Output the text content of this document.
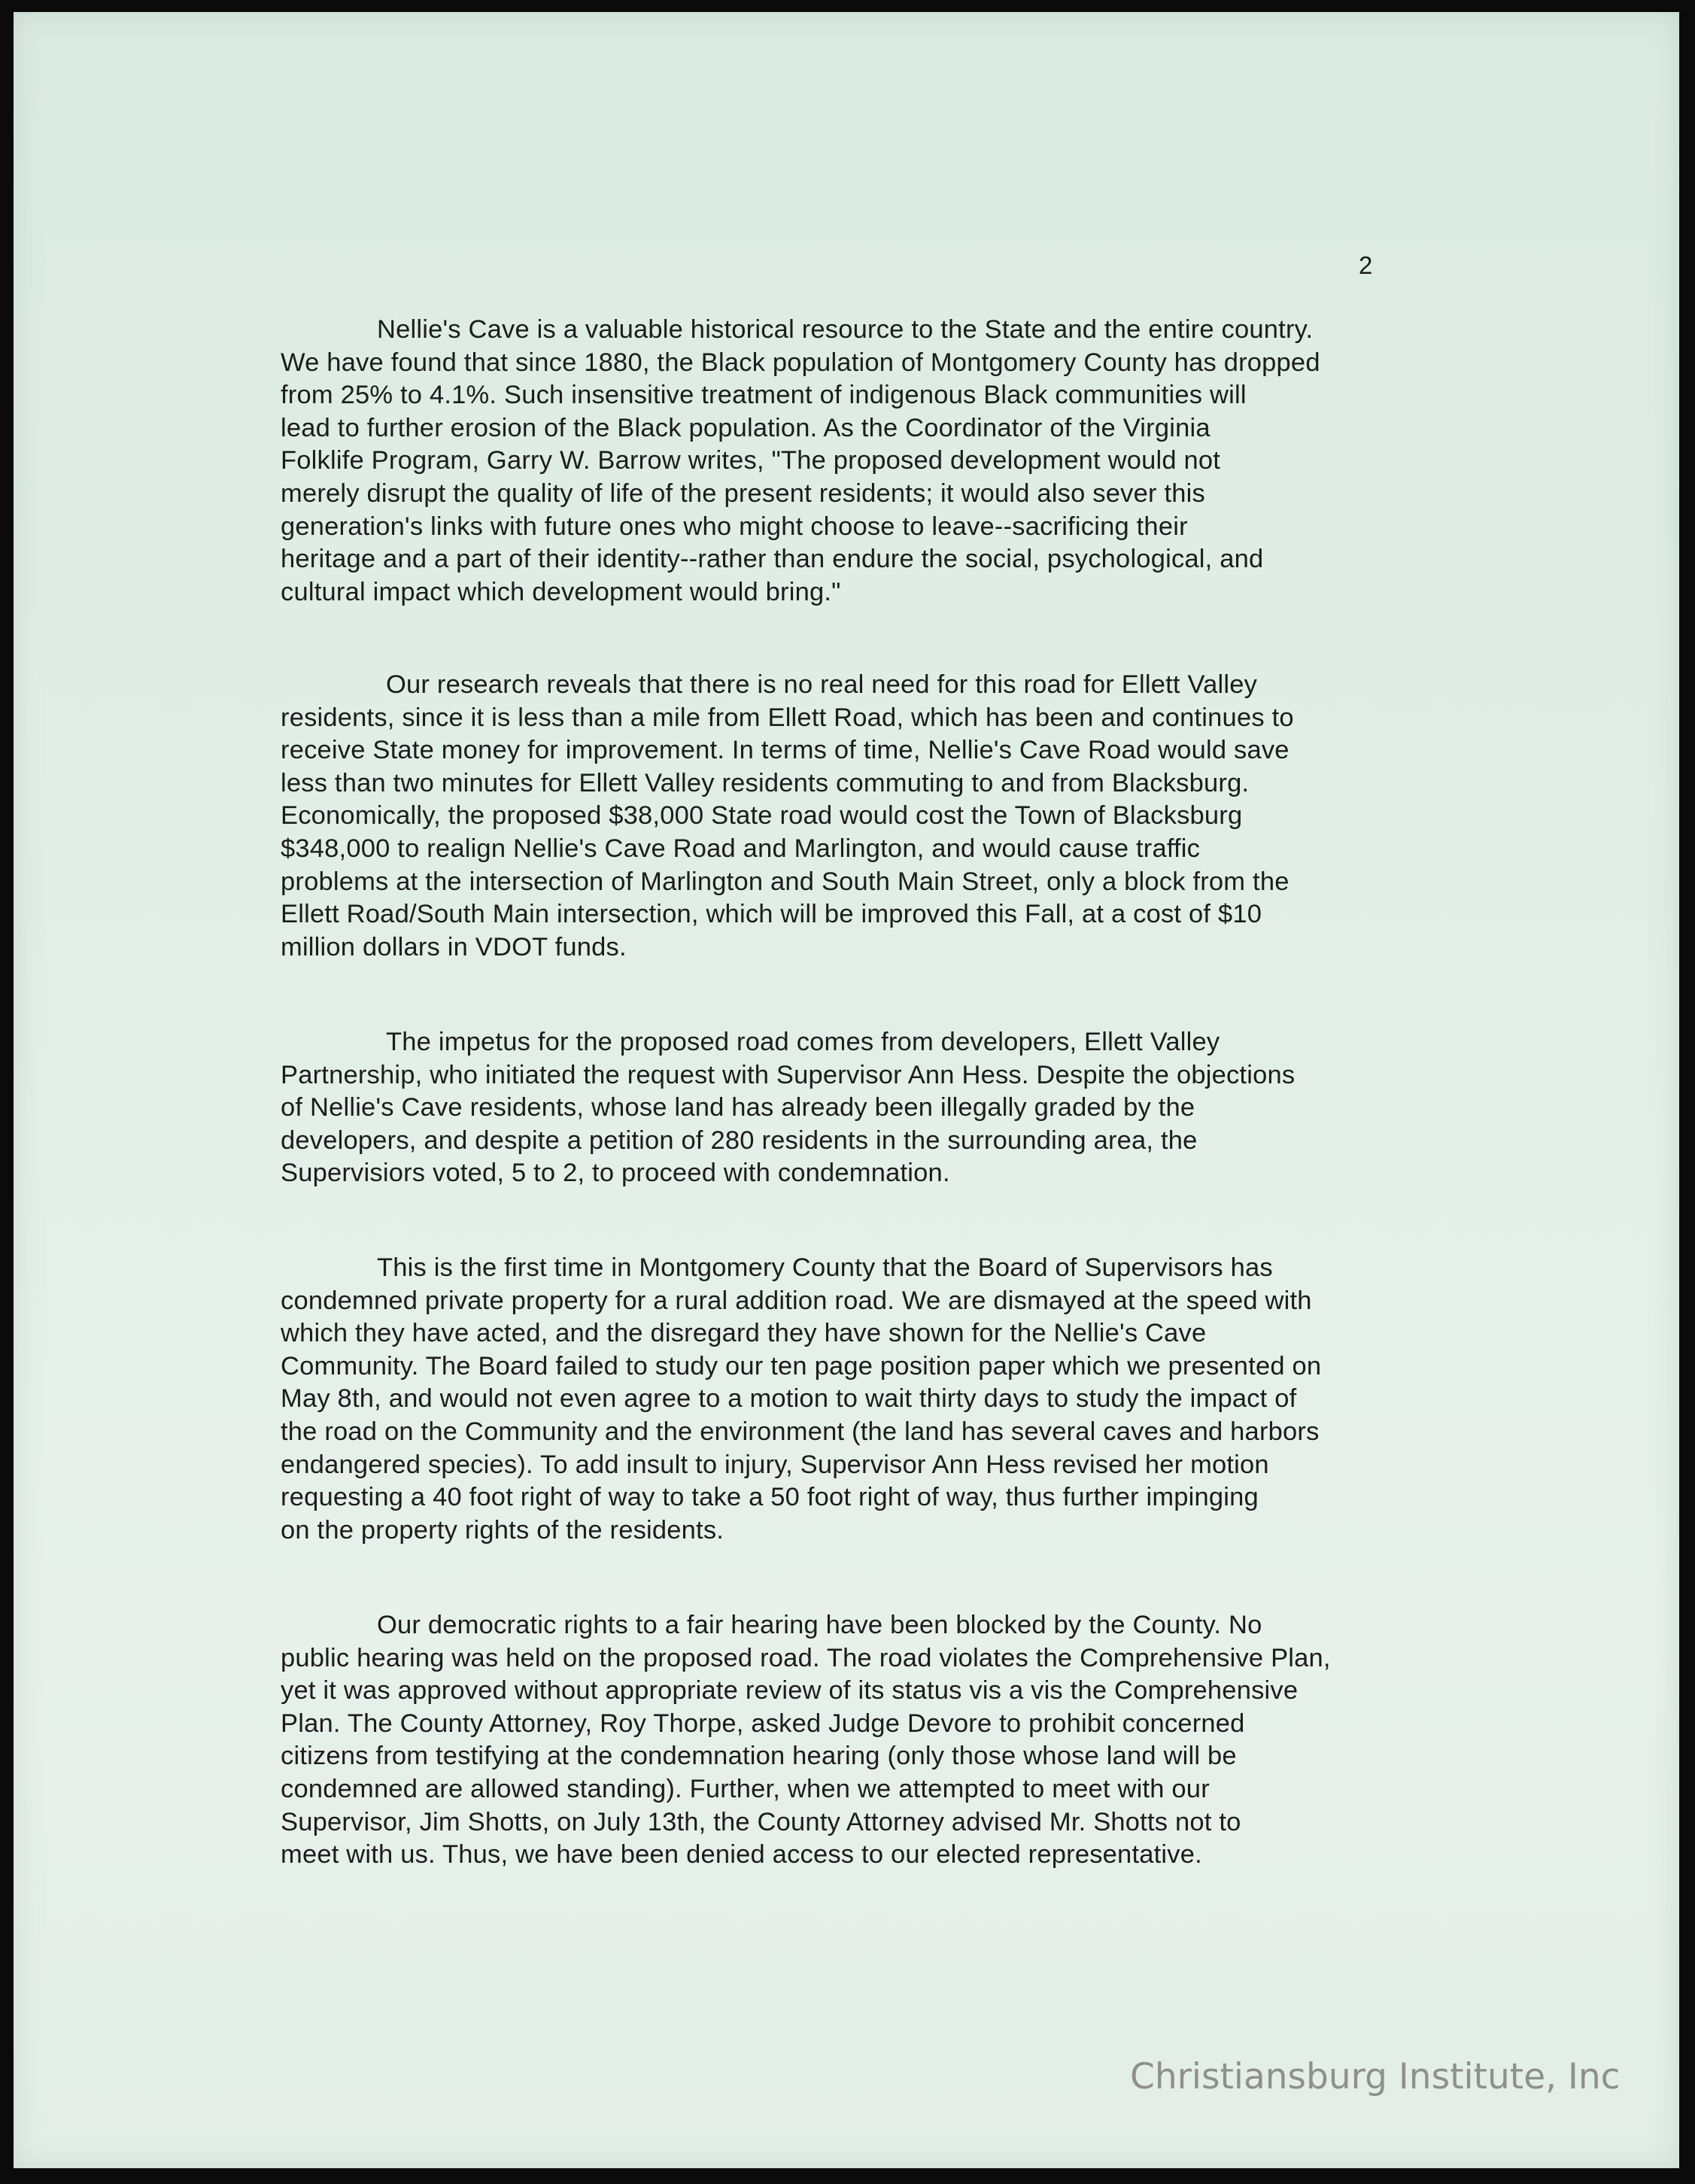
2

Nellie's Cave is a valuable historical resource to the State and the entire country.
We have found that since 1880, the Black population of Montgomery County has dropped
from 25% to 4.1%. Such insensitive treatment of indigenous Black communities will
lead to further erosion of the Black population. As the Coordinator of the Virginia
Folklife Program, Garry W. Barrow writes, "The proposed development would not
merely disrupt the quality of life of the present residents; it would also sever this
generation's links with future ones who might choose to leave--sacrificing their
heritage and a part of their identity--rather than endure the social, psychological, and
cultural impact which development would bring."

Our research reveals that there is no real need for this road for Ellett Valley
residents, since it is less than a mile from Ellett Road, which has been and continues to
receive State money for improvement. In terms of time, Nellie's Cave Road would save
less than two minutes for Ellett Valley residents commuting to and from Blacksburg.
Economically, the proposed $38,000 State road would cost the Town of Blacksburg
$348,000 to realign Nellie's Cave Road and Marlington, and would cause traffic
problems at the intersection of Marlington and South Main Street, only a block from the
Ellett Road/South Main intersection, which will be improved this Fall, at a cost of $10
million dollars in VDOT funds.

The impetus for the proposed road comes from developers, Ellett Valley
Partnership, who initiated the request with Supervisor Ann Hess. Despite the objections
of Nellie's Cave residents, whose land has already been illegally graded by the
developers, and despite a petition of 280 residents in the surrounding area, the
Supervisiors voted, 5 to 2, to proceed with condemnation.

This is the first time in Montgomery County that the Board of Supervisors has
condemned private property for a rural addition road. We are dismayed at the speed with
which they have acted, and the disregard they have shown for the Nellie's Cave
Community. The Board failed to study our ten page position paper which we presented on
May 8th, and would not even agree to a motion to wait thirty days to study the impact of
the road on the Community and the environment (the land has several caves and harbors
endangered species). To add insult to injury, Supervisor Ann Hess revised her motion
requesting a 40 foot right of way to take a 50 foot right of way, thus further impinging
on the property rights of the residents.

Our democratic rights to a fair hearing have been blocked by the County. No
public hearing was held on the proposed road. The road violates the Comprehensive Plan,
yet it was approved without appropriate review of its status vis a vis the Comprehensive
Plan. The County Attorney, Roy Thorpe, asked Judge Devore to prohibit concerned
citizens from testifying at the condemnation hearing (only those whose land will be
condemned are allowed standing). Further, when we attempted to meet with our
Supervisor, Jim Shotts, on July 13th, the County Attorney advised Mr. Shotts not to
meet with us. Thus, we have been denied access to our elected representative.

Christiansburg Institute, Inc
